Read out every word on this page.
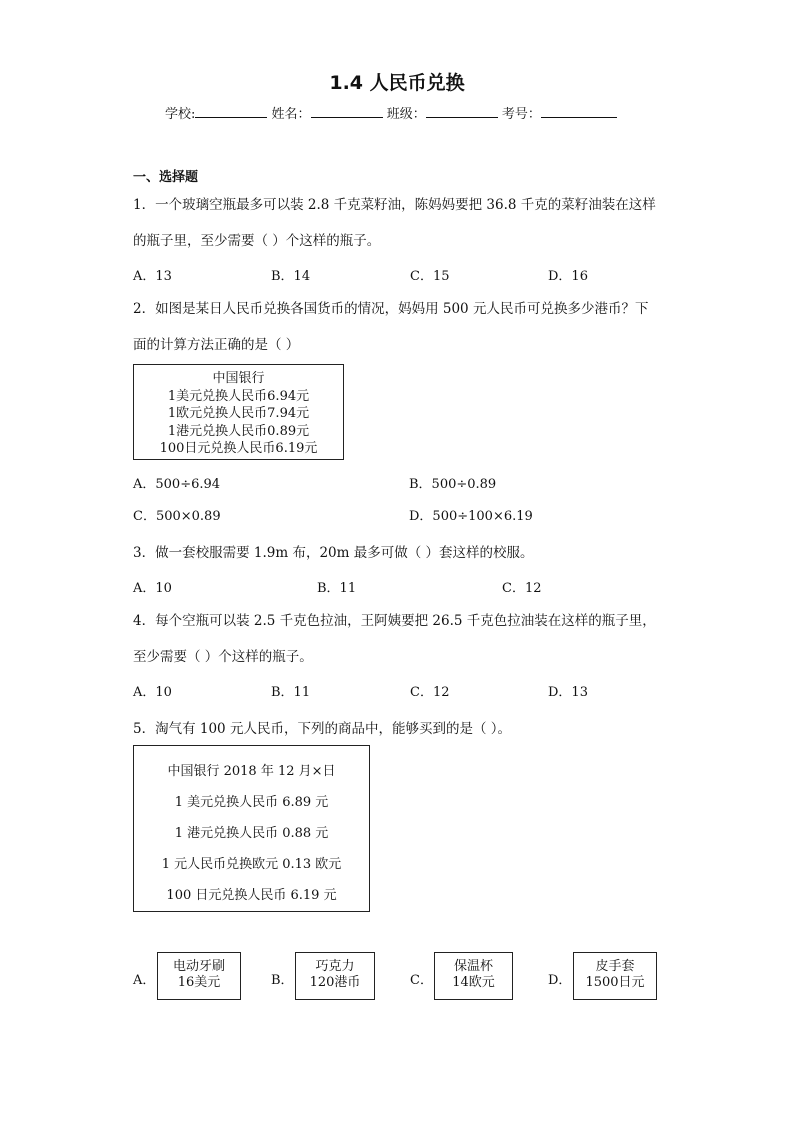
1.4 人民币兑换
学校:	姓名：	班级：	考号：
一、选择题
1．一个玻璃空瓶最多可以装 2.8 千克菜籽油，陈妈妈要把 36.8 千克的菜籽油装在这样
的瓶子里，至少需要（ ）个这样的瓶子。
A．13	B．14	C．15	D．16
2．如图是某日人民币兑换各国货币的情况，妈妈用 500 元人民币可兑换多少港币？下
面的计算方法正确的是（ ）
中国银行
1美元兑换人民币6.94元
1欧元兑换人民币7.94元
1港元兑换人民币0.89元
100日元兑换人民币6.19元
A．500÷6.94	B．500÷0.89
C．500×0.89	D．500÷100×6.19
3．做一套校服需要 1.9m 布，20m 最多可做（ ）套这样的校服。
A．10	B．11	C．12
4．每个空瓶可以装 2.5 千克色拉油，王阿姨要把 26.5 千克色拉油装在这样的瓶子里，
至少需要（ ）个这样的瓶子。
A．10	B．11	C．12	D．13
5．淘气有 100 元人民币，下列的商品中，能够买到的是（ ）。
中国银行 2018 年 12 月×日
1 美元兑换人民币 6.89 元
1 港元兑换人民币 0.88 元
1 元人民币兑换欧元 0.13 欧元
100 日元兑换人民币 6.19 元
A．
电动牙刷
16美元	B．
巧克力
120港币	C．
保温杯
14欧元	D．
皮手套
1500日元
